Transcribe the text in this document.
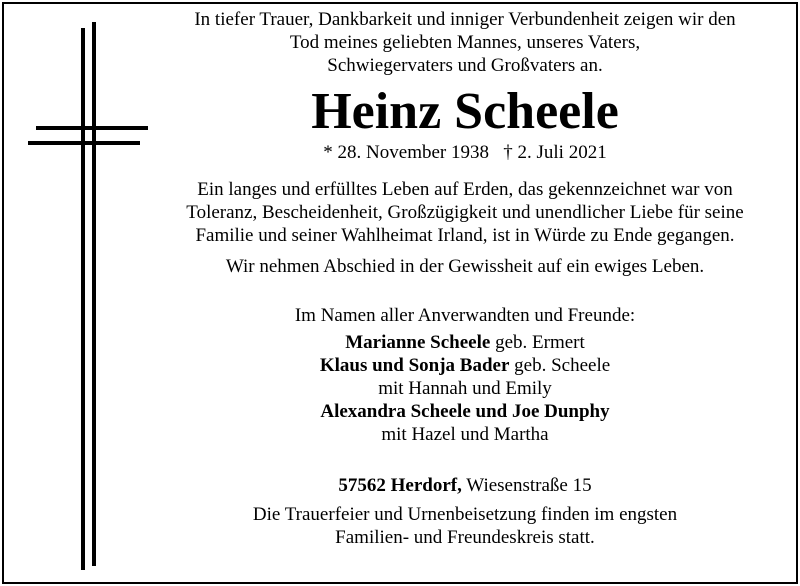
In tiefer Trauer, Dankbarkeit und inniger Verbundenheit zeigen wir den

Tod meines geliebten Mannes, unseres Vaters,

Schwiegervaters und Großvaters an.

Heinz Scheele

* 28. November 1938 † 2. Juli 2021

Ein langes und erfülltes Leben auf Erden, das gekennzeichnet war von

Toleranz, Bescheidenheit, Großzügigkeit und unendlicher Liebe für seine

Familie und seiner Wahlheimat Irland, ist in Würde zu Ende gegangen.

Wir nehmen Abschied in der Gewissheit auf ein ewiges Leben.

Im Namen aller Anverwandten und Freunde:

Marianne Scheele geb. Ermert

Klaus und Sonja Bader geb. Scheele

mit Hannah und Emily

Alexandra Scheele und Joe Dunphy

mit Hazel und Martha

57562 Herdorf, Wiesenstraße 15

Die Trauerfeier und Urnenbeisetzung finden im engsten

Familien- und Freundeskreis statt.
